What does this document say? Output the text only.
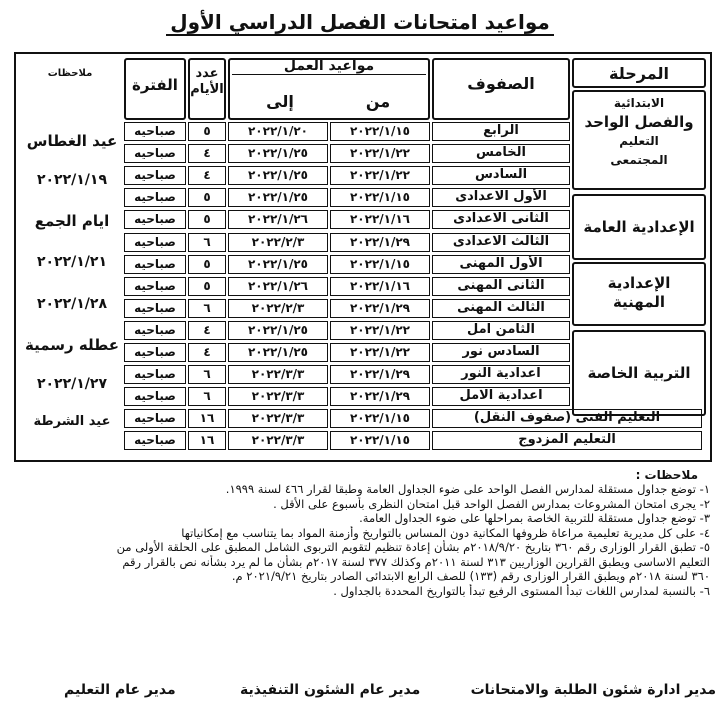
مواعيد امتحانات الفصل الدراسي الأول
المرحلة
الصفوف
مواعيد العمل
من
إلى
عدد الأيام
الفترة
ملاحظات
الابتدائية
والفصل الواحد
التعليم
المجتمعى
الإعدادية العامة
الإعدادية
المهنية
التربية الخاصة
الرابع
٢٠٢٢/١/١٥
٢٠٢٢/١/٢٠
٥
صباحيه
الخامس
٢٠٢٢/١/٢٢
٢٠٢٢/١/٢٥
٤
صباحيه
السادس
٢٠٢٢/١/٢٢
٢٠٢٢/١/٢٥
٤
صباحيه
الأول الاعدادى
٢٠٢٢/١/١٥
٢٠٢٢/١/٢٥
٥
صباحيه
الثانى الاعدادى
٢٠٢٢/١/١٦
٢٠٢٢/١/٢٦
٥
صباحيه
الثالث الاعدادى
٢٠٢٢/١/٢٩
٢٠٢٢/٢/٣
٦
صباحيه
الأول المهنى
٢٠٢٢/١/١٥
٢٠٢٢/١/٢٥
٥
صباحيه
الثانى المهنى
٢٠٢٢/١/١٦
٢٠٢٢/١/٢٦
٥
صباحيه
الثالث المهنى
٢٠٢٢/١/٢٩
٢٠٢٢/٢/٣
٦
صباحيه
الثامن امل
٢٠٢٢/١/٢٢
٢٠٢٢/١/٢٥
٤
صباحيه
السادس نور
٢٠٢٢/١/٢٢
٢٠٢٢/١/٢٥
٤
صباحيه
اعدادية النور
٢٠٢٢/١/٢٩
٢٠٢٢/٣/٣
٦
صباحيه
اعدادية الامل
٢٠٢٢/١/٢٩
٢٠٢٢/٣/٣
٦
صباحيه
التعليم الفنى (صفوف النقل)
٢٠٢٢/١/١٥
٢٠٢٢/٣/٣
١٦
صباحيه
التعليم المزدوج
٢٠٢٢/١/١٥
٢٠٢٢/٣/٣
١٦
صباحيه
عيد الغطاس
٢٠٢٢/١/١٩
ايام الجمع
٢٠٢٢/١/٢١
٢٠٢٢/١/٢٨
عطله رسمية
٢٠٢٢/١/٢٧
عيد الشرطة
ملاحظات :
١- توضع جداول مستقلة لمدارس الفصل الواحد على ضوء الجداول العامة وطبقا لقرار ٤٦٦ لسنة ١٩٩٩.
٢- يجرى امتحان المشروعات بمدارس الفصل الواحد قبل امتحان النظرى بأسبوع على الأقل .
٣- توضع جداول مستقلة للتربية الخاصة بمراحلها على ضوء الجداول العامة.
٤- على كل مديرية تعليمية مراعاة ظروفها المكانية دون المساس بالتواريخ وأزمنة المواد بما يتناسب مع إمكانياتها
٥- تطبق القرار الوزارى رقم ٣٦٠ بتاريخ ٢٠١٨/٩/٢٠م بشأن إعادة تنظيم لتقويم التربوى الشامل المطبق على الحلقة الأولى من
التعليم الاساسى ويطبق القرارين الوزاريين ٣١٣ لسنة ٢٠١١م وكذلك ٣٧٧ لسنة ٢٠١٧م بشأن ما لم يرد بشأنه نص بالقرار رقم
٣٦٠ لسنة ٢٠١٨م ويطبق القرار الوزارى رقم (١٣٣) للصف الرابع الابتدائى الصادر بتاريخ ٢٠٢١/٩/٢١ م.
٦- بالنسبة لمدارس اللغات تبدأ المستوى الرفيع تبدأ بالتواريخ المحددة بالجداول .
مدير ادارة شئون الطلبة والامتحانات
مدير عام الشئون التنفيذية
مدير عام التعليم
